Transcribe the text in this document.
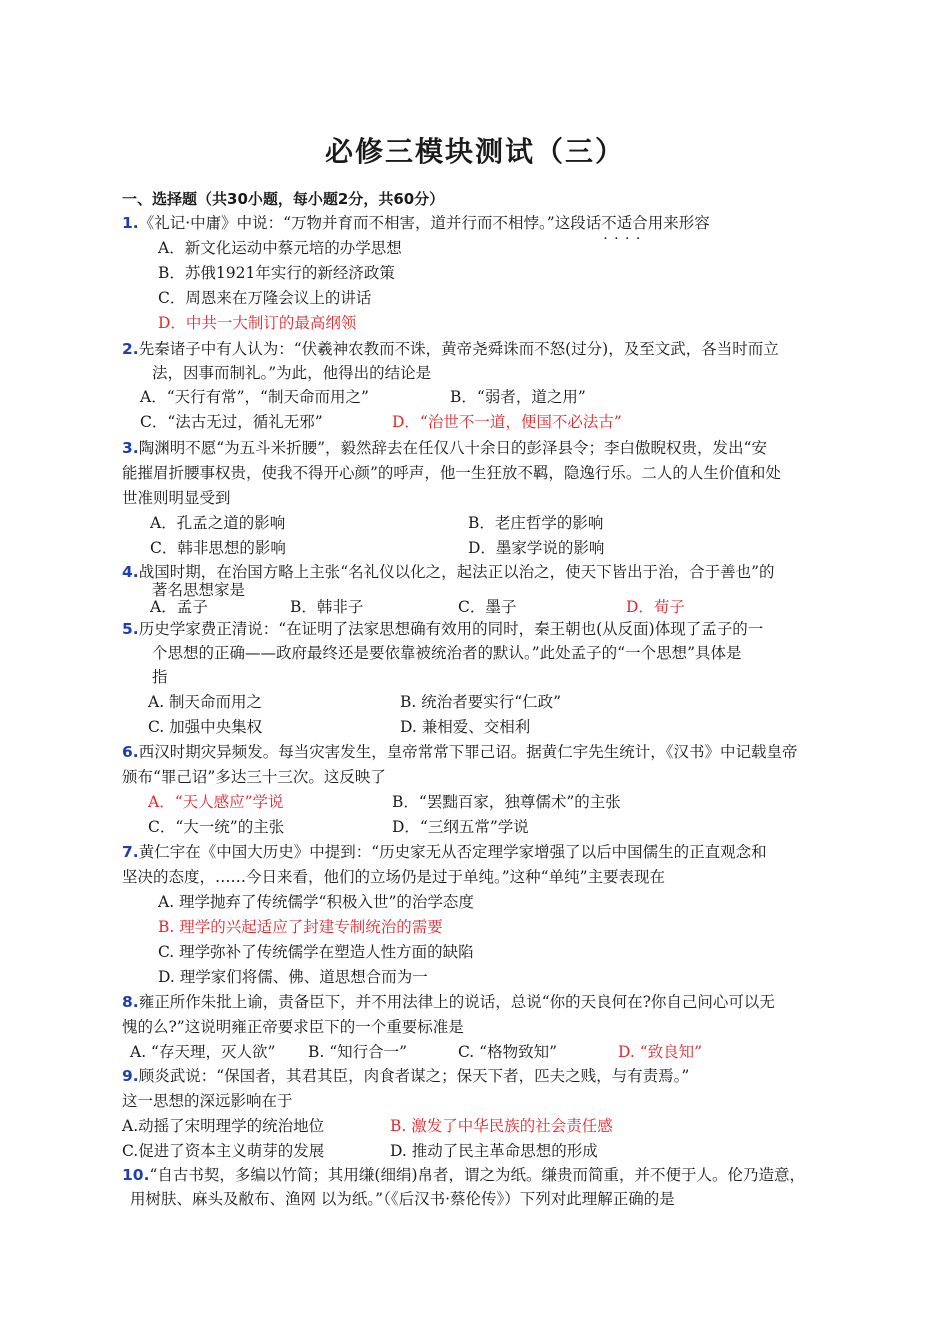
必修三模块测试（三）
一、选择题（共30小题，每小题2分，共60分）
1.《礼记·中庸》中说：“万物并育而不相害，道并行而不相悖。”这段话不适合 · · 用来形容
A．新文化运动中蔡元培的办学思想
B．苏俄1921年实行的新经济政策
C．周恩来在万隆会议上的讲话
D．中共一大制订的最高纲领
2.先秦诸子中有人认为：“伏羲神农教而不诛，黄帝尧舜诛而不怒(过分)，及至文武，各当时而立
法，因事而制礼。”为此，他得出的结论是
A．“天行有常”，“制天命而用之”	B．“弱者，道之用”
C．“法古无过，循礼无邪”	D．“治世不一道，便国不必法古”
3.陶渊明不愿“为五斗米折腰”，毅然辞去在任仅八十余日的彭泽县令；李白傲睨权贵，发出“安
能摧眉折腰事权贵，使我不得开心颜”的呼声，他一生狂放不羁，隐逸行乐。二人的人生价值和处
世准则明显受到
A．孔孟之道的影响	B．老庄哲学的影响
C．韩非思想的影响	D．墨家学说的影响
4.战国时期，在治国方略上主张“名礼仪以化之，起法正以治之，使天下皆出于治，合于善也”的
著名思想家是
A．孟子	B．韩非子	C．墨子	D．荀子
5.历史学家费正清说：“在证明了法家思想确有效用的同时，秦王朝也(从反面)体现了孟子的一
个思想的正确——政府最终还是要依靠被统治者的默认。”此处孟子的“一个思想”具体是
指
A. 制天命而用之	B. 统治者要实行“仁政”
C. 加强中央集权	D. 兼相爱、交相利
6.西汉时期灾异频发。每当灾害发生，皇帝常常下罪己诏。据黄仁宇先生统计，《汉书》中记载皇帝
颁布“罪己诏”多达三十三次。这反映了
A．“天人感应”学说	B．“罢黜百家，独尊儒术”的主张
C．“大一统”的主张	D．“三纲五常”学说
7.黄仁宇在《中国大历史》中提到：“历史家无从否定理学家增强了以后中国儒生的正直观念和
坚决的态度，……今日来看，他们的立场仍是过于单纯。”这种“单纯”主要表现在
A. 理学抛弃了传统儒学“积极入世”的治学态度
B. 理学的兴起适应了封建专制统治的需要
C. 理学弥补了传统儒学在塑造人性方面的缺陷
D. 理学家们将儒、佛、道思想合而为一
8.雍正所作朱批上谕，责备臣下，并不用法律上的说话，总说“你的天良何在?你自己问心可以无
愧的么?”这说明雍正帝要求臣下的一个重要标准是
A. “存天理，灭人欲” B. “知行合一”	C. “格物致知”	D. “致良知”
9.顾炎武说：“保国者，其君其臣，肉食者谋之；保天下者，匹夫之贱，与有责焉。”
这一思想的深远影响在于
A.动摇了宋明理学的统治地位	B. 激发了中华民族的社会责任感
C.促进了资本主义萌芽的发展	D. 推动了民主革命思想的形成
10.“自古书契，多编以竹简；其用缣(细绢)帛者，谓之为纸。缣贵而简重，并不便于人。伦乃造意，
用树肤、麻头及敝布、渔网 以为纸。”（《后汉书·蔡伦传》）下列对此理解正确的是
